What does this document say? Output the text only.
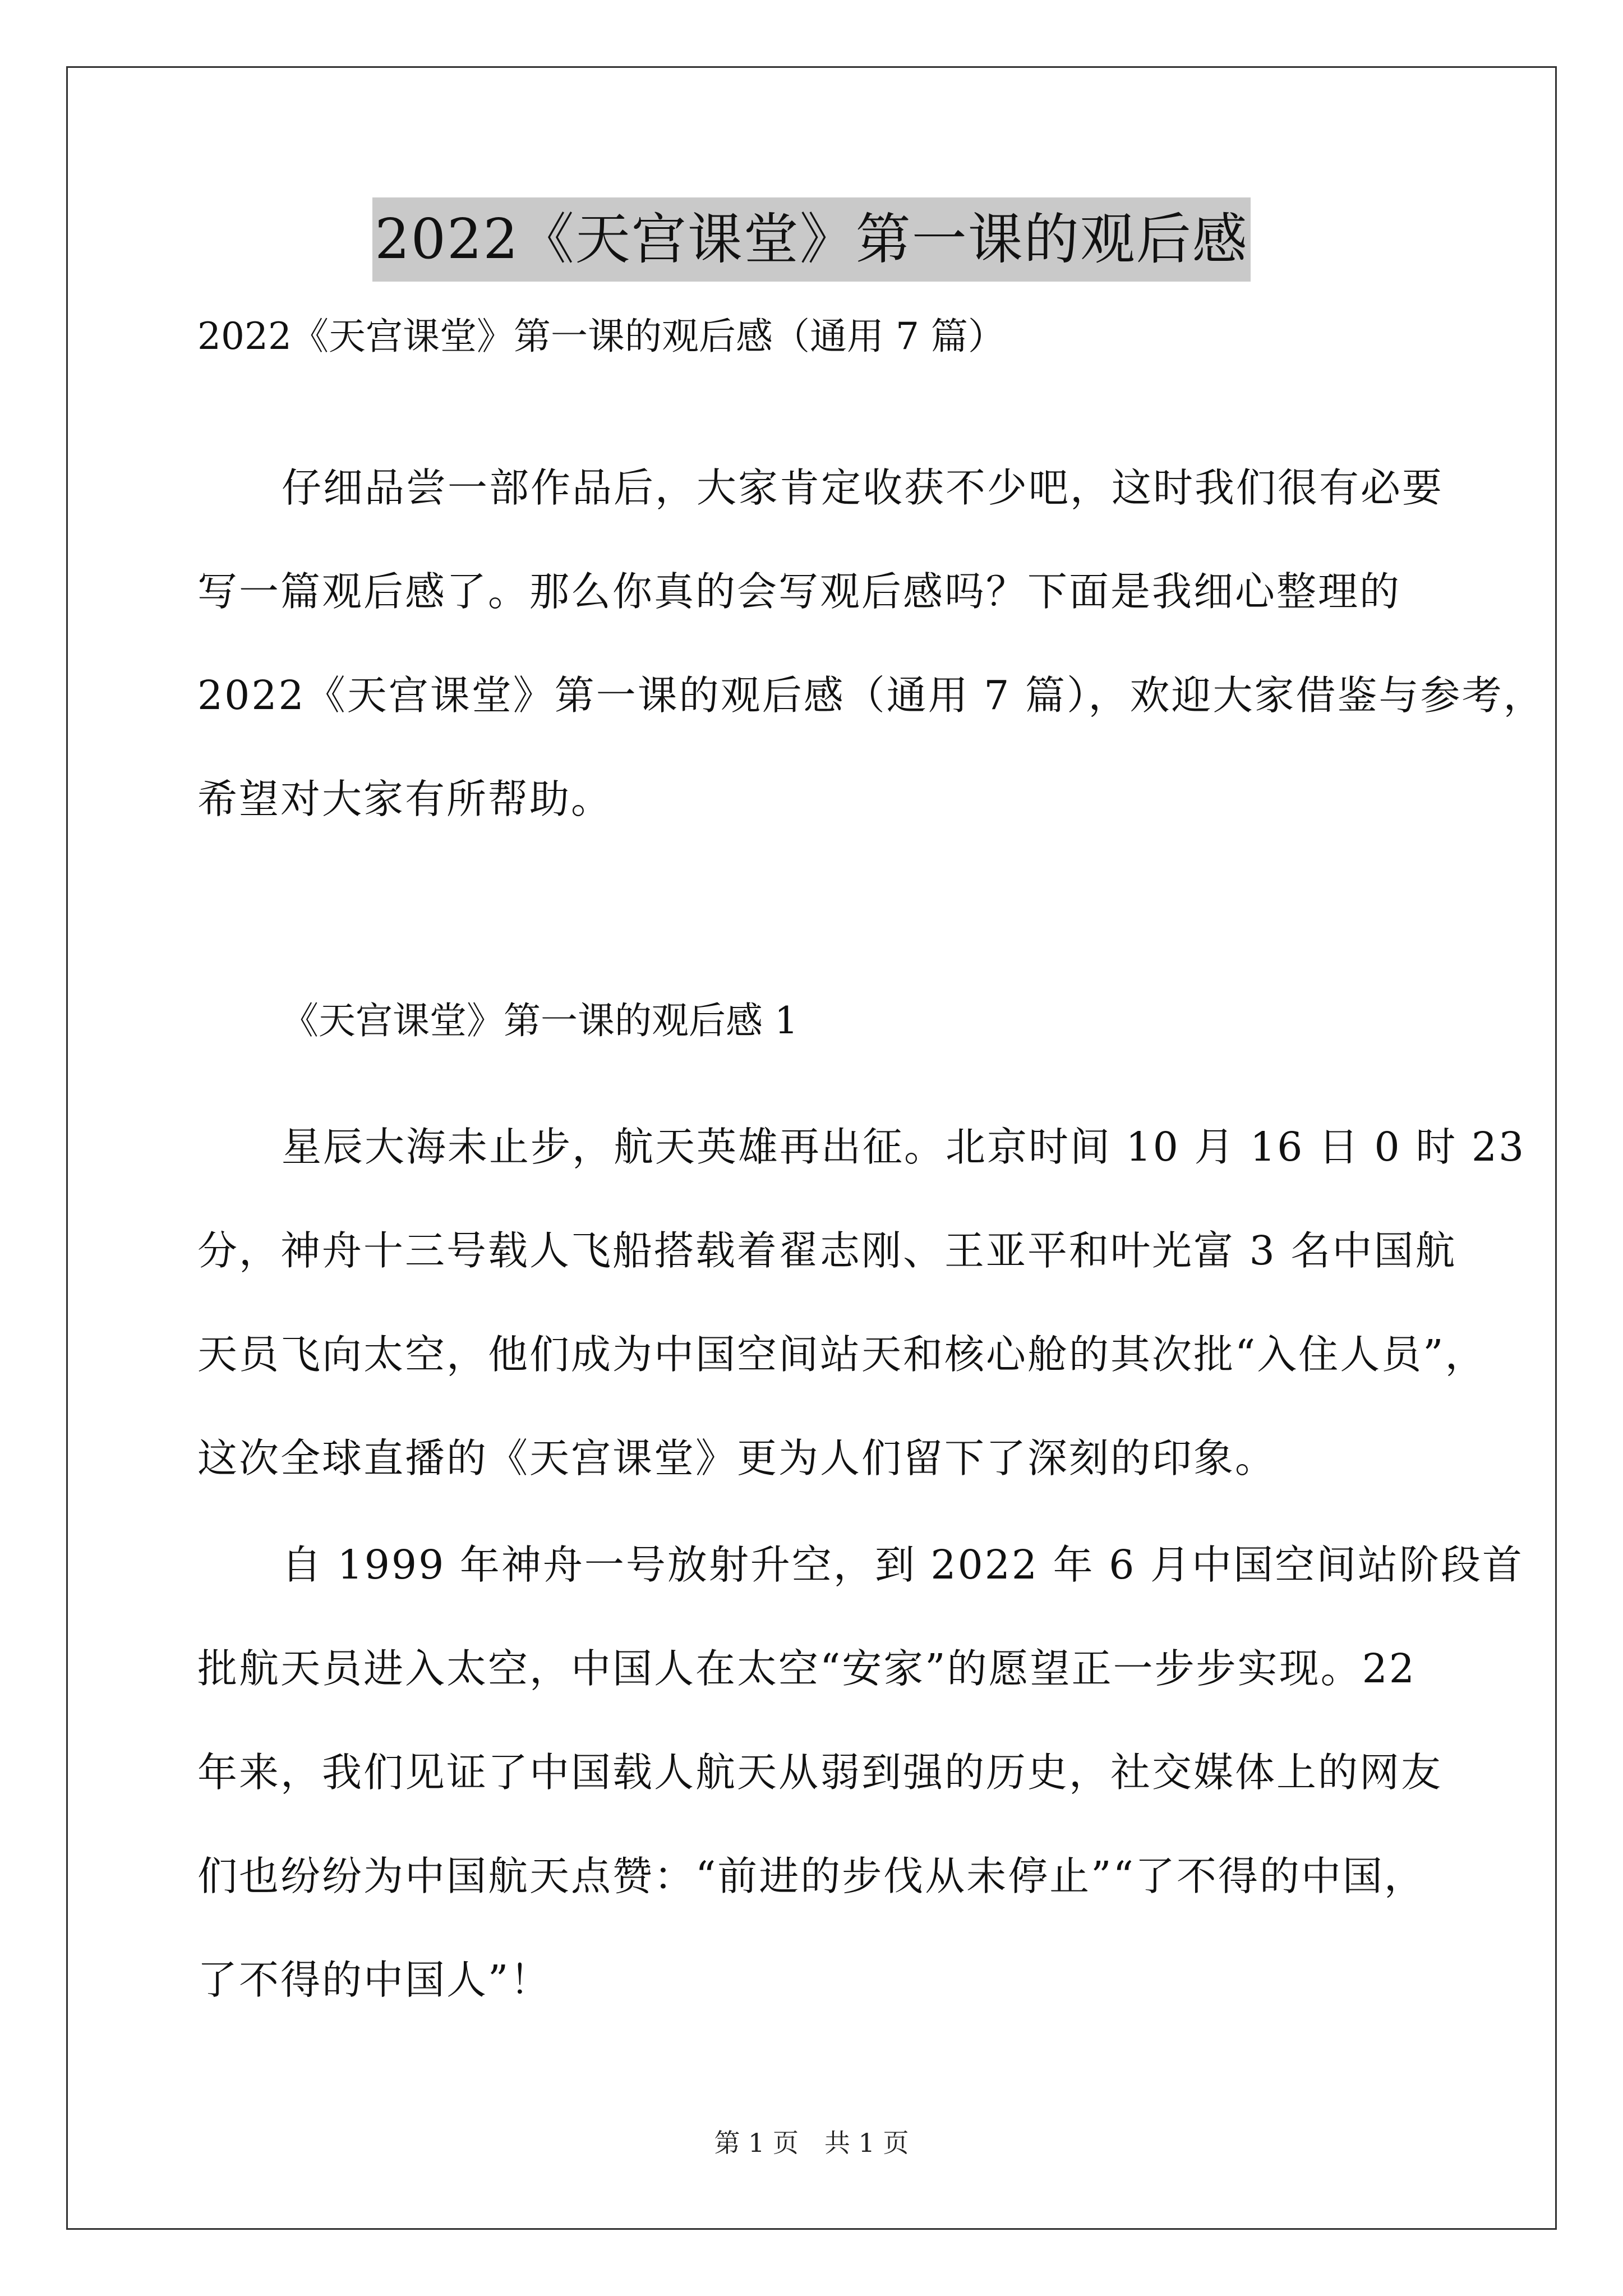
2022《天宫课堂》第一课的观后感
2022《天宫课堂》第一课的观后感（通用 7 篇）
仔细品尝一部作品后，大家肯定收获不少吧，这时我们很有必要
写一篇观后感了。那么你真的会写观后感吗？下面是我细心整理的
2022《天宫课堂》第一课的观后感（通用 7 篇），欢迎大家借鉴与参考，
希望对大家有所帮助。
《天宫课堂》第一课的观后感 1
星辰大海未止步，航天英雄再出征。北京时间 10 月 16 日 0 时 23
分，神舟十三号载人飞船搭载着翟志刚、王亚平和叶光富 3 名中国航
天员飞向太空，他们成为中国空间站天和核心舱的其次批“入住人员”，
这次全球直播的《天宫课堂》更为人们留下了深刻的印象。
自 1999 年神舟一号放射升空，到 2022 年 6 月中国空间站阶段首
批航天员进入太空，中国人在太空“安家”的愿望正一步步实现。22
年来，我们见证了中国载人航天从弱到强的历史，社交媒体上的网友
们也纷纷为中国航天点赞：“前进的步伐从未停止”“了不得的中国，
了不得的中国人”！
第 1 页　共 1 页
